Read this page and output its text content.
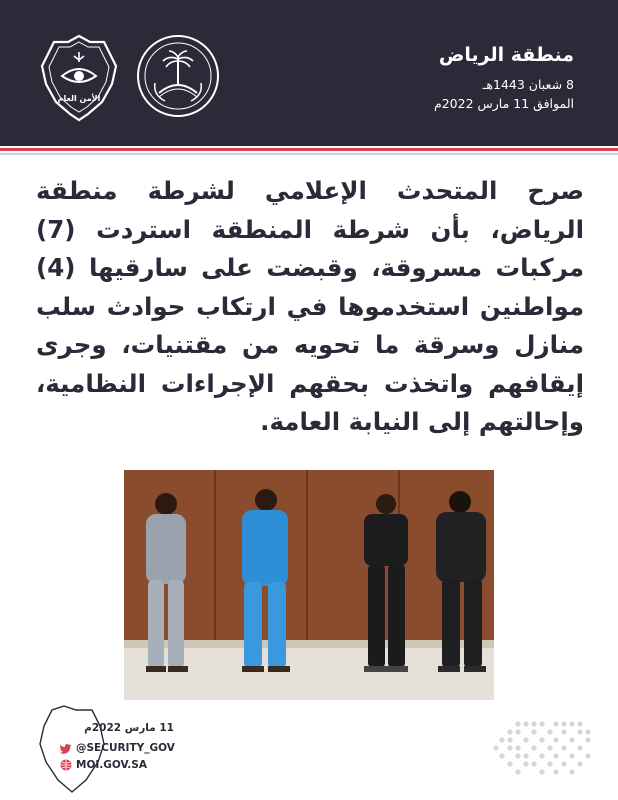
الأمن العام
منطقة الرياض
8 شعبان 1443هـ
الموافق 11 مارس 2022م
صرح المتحدث الإعلامي لشرطة منطقة الرياض، بأن شرطة المنطقة استردت (7) مركبات مسروقة، وقبضت على سارقيها (4) مواطنين استخدموها في ارتكاب حوادث سلب منازل وسرقة ما تحويه من مقتنيات، وجرى إيقافهم واتخذت بحقهم الإجراءات النظامية، وإحالتهم إلى النيابة العامة.
11 مارس 2022م
@SECURITY_GOV
MOI.GOV.SA
